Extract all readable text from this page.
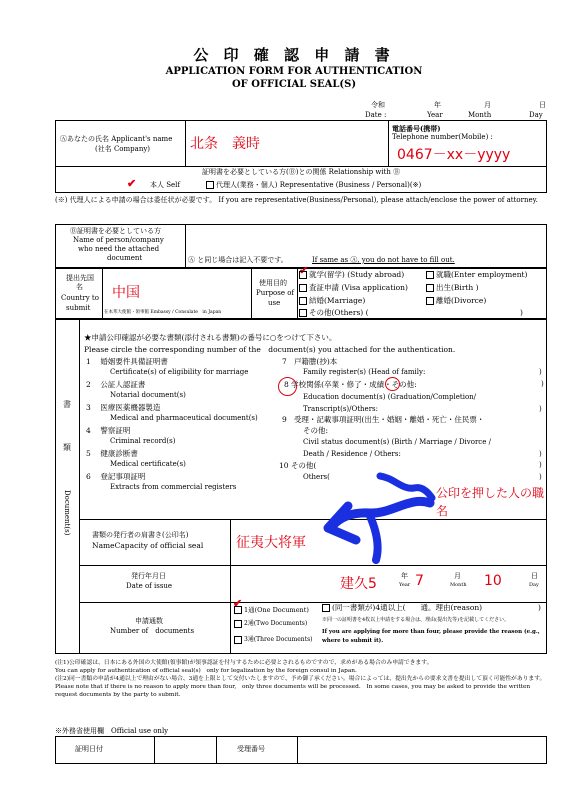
公 印 確 認 申 請 書
APPLICATION FORM FOR AUTHENTICATION
OF OFFICIAL SEAL(S)
令和	年	月	日
Date :	Year	Month	Day
Ⓐあなたの氏名 Applicant's name
(社名 Company)	北条　義時
電話番号(携帯)
Telephone number(Mobile) :
0467－xx－yyyy
証明書を必要としている方(Ⓑ)との関係 Relationship with Ⓑ
✔ 本人 Self	代理人(業務・個人) Representative (Business / Personal)(※)
(※) 代理人による申請の場合は委任状が必要です。 If you are representative(Business/Personal), please attach/enclose the power of attorney.
Ⓑ証明書を必要としている方
Name of person/company
who need the attached
document	Ⓐ と同じ場合は記入不要です。	If same as Ⓐ, you do not have to fill out.
提出先国
名
Country to
submit
中国
在本邦大使館・領事館 Embassy / Consulate　in Japan
使用目的
Purpose of
use
✔ 就学(留学) (Study abroad)	就職(Enter employment)
査証申請 (Visa application)	出生(Birth )
結婚(Marriage)	離婚(Divorce)
その他(Others) (	)
書
類
Document(s)
★申請公印確認が必要な書類(添付される書類)の番号に○をつけて下さい。
Please circle the corresponding number of the　document(s) you attached for the authentication.
1 婚姻要件具備証明書
Certificate(s) of eligibility for marriage
2 公証人認証書
Notarial document(s)
3 医療医薬機器製造
Medical and pharmaceutical document(s)
4 警察証明
Criminal record(s)
5 健康診断書
Medical certificate(s)
6 登記事項証明
Extracts from commercial registers
7 戸籍謄(抄)本
Family register(s) (Head of family:	)
8 学校関係(卒業・修了・成績・その他:	)
Education document(s) (Graduation/Completion/
Transcript(s)/Others:	)
9 受理・記載事項証明(出生・婚姻・離婚・死亡・住民票・
その他:
Civil status document(s) (Birth / Marriage / Divorce /
Death / Residence / Others:	)
10 その他(	)
Others(	)
公印を押した人の職名
書類の発行者の肩書き(公印名)
NameCapacity of official seal 征夷大将軍
発行年月日
Date of issue	建久5	年
Year 7	月
Month 10	日
Day
申請通数
Number of　documents
✔ 1通(One Document)
2通(Two Documents)
3通(Three Documents)
(同一書類が)4通以上(　　通。理由(reason)	)
※同一の証明書を4枚以上申請をする場合は、理由(提出先等)を記載してください。
If you are applying for more than four, please provide the reason (e.g., where to submit it).
(注1)公印確認は、日本にある外国の大使館(領事館)が領事認証を付与するために必要とされるものですので、求めがある場合のみ申請できます。
You can apply for authentication of official seal(s)　only for legalization by the foreign consul in Japan.
(注2)同一書類の申請が4通以上で理由がない場合、3通を上限として交付いたしますので、予め御了承ください。場合によっては、提出先からの要求文書を提出して頂く可能性があります。
Please note that if there is no reason to apply more than four,　only three documents will be processed.　In some cases, you may be asked to provide the written request documents by the party to submit.
※外務省使用欄　Official use only
証明日付	受理番号
